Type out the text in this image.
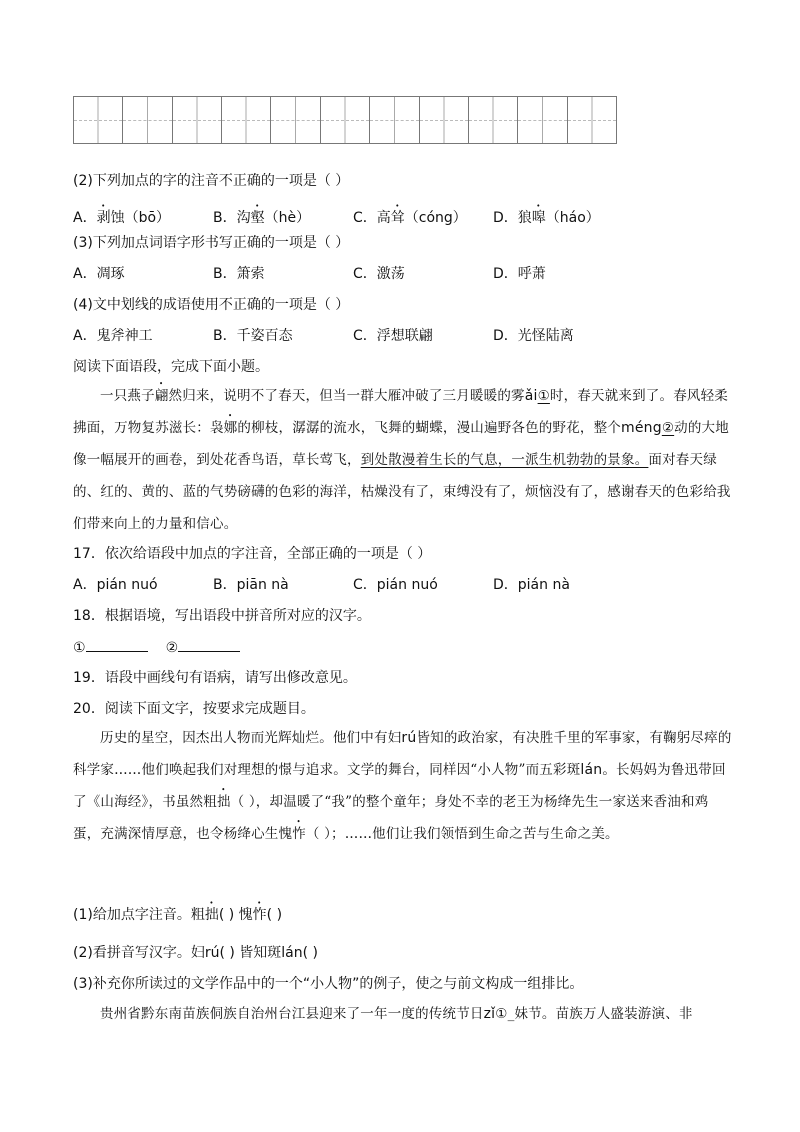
(2)下列加点的字的注音不正确的一项是（ ）
A．剥蚀（bō）	B．沟壑（hè）	C．高耸（cóng） D．狼嗥（háo）
(3)下列加点词语字形书写正确的一项是（ ）
A．凋琢	B．箫索	C．激荡	D．呼萧
(4)文中划线的成语使用不正确的一项是（ ）
A．鬼斧神工	B．千姿百态	C．浮想联翩	D．光怪陆离
阅读下面语段，完成下面小题。
一只燕子翩然归来，说明不了春天，但当一群大雁冲破了三月暖暖的雾ǎi①时，春天就来到了。春风轻柔拂面，万物复苏滋长：袅娜的柳枝，潺潺的流水，飞舞的蝴蝶，漫山遍野各色的野花，整个méng②动的大地像一幅展开的画卷，到处花香鸟语，草长莺飞，到处散漫着生长的气息，一派生机勃勃的景象。面对春天绿的、红的、黄的、蓝的气势磅礴的色彩的海洋，枯燥没有了，束缚没有了，烦恼没有了，感谢春天的色彩给我们带来向上的力量和信心。
17．依次给语段中加点的字注音，全部正确的一项是（ ）
A．pián nuó	B．piān nà	C．pián nuó	D．pián nà
18．根据语境，写出语段中拼音所对应的汉字。
①	②
19．语段中画线句有语病，请写出修改意见。
20．阅读下面文字，按要求完成题目。
历史的星空，因杰出人物而光辉灿烂。他们中有妇rú皆知的政治家，有决胜千里的军事家，有鞠躬尽瘁的科学家……他们唤起我们对理想的憬与追求。文学的舞台，同样因“小人物”而五彩斑lán。长妈妈为鲁迅带回了《山海经》，书虽然粗拙（ ），却温暖了“我”的整个童年；身处不幸的老王为杨绛先生一家送来香油和鸡蛋，充满深情厚意，也令杨绛心生愧怍（ ）；……他们让我们领悟到生命之苦与生命之美。
(1)给加点字注音。粗拙( ) 愧怍( )
(2)看拼音写汉字。妇rú( ) 皆知斑lán( )
(3)补充你所读过的文学作品中的一个“小人物”的例子，使之与前文构成一组排比。
贵州省黔东南苗族侗族自治州台江县迎来了一年一度的传统节日zǐ①_妹节。苗族万人盛装游演、非
